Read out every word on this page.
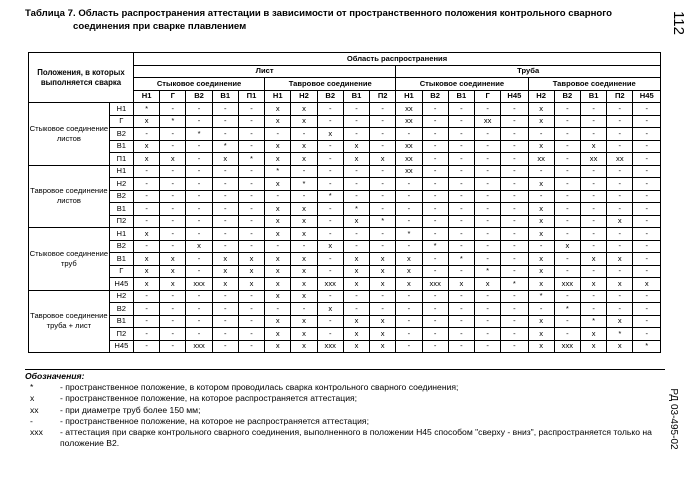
Таблица 7. Область распространения аттестации в зависимости от пространственного положения контрольного сварного
соединения при сварке плавлением	112
РД 03-495-02
Положения, в которых выполняется сварка		Область распространения																			
		Лист										Труба									
		Стыковое соединение					Тавровое соединение					Стыковое соединение					Тавровое соединение				
		Н1	Г	В2	В1	П1	Н1	Н2	В2	В1	П2	Н1	В2	В1	Г	Н45	Н2	В2	В1	П2	Н45
Стыковое соединение листов	Н1	*	-	-	-	-	x	x	-	-	-	xx	-	-	-	-	x	-	-	-	-
	Г	x	*	-	-	-	x	x	-	-	-	xx	-	-	xx	-	x	-	-	-	-
	В2	-	-	*	-	-	-	-	x	-	-	-	-	-	-	-	-	-	-	-	-
	В1	x	-	-	*	-	x	x	-	x	-	xx	-	-	-	-	x	-	x	-	-
	П1	x	x	-	x	*	x	x	-	x	x	xx	-	-	-	-	xx	-	xx	xx	-
Тавровое соединение листов	Н1	-	-	-	-	-	*	-	-	-	-	xx	-	-	-	-	-	-	-	-	-
	Н2	-	-	-	-	-	x	*	-	-	-	-	-	-	-	-	x	-	-	-	-
	В2	-	-	-	-	-	-	-	*	-	-	-	-	-	-	-	-	-	-	-	-
	В1	-	-	-	-	-	x	x	-	*	-	-	-	-	-	-	x	-	-	-	-
	П2	-	-	-	-	-	x	x	-	x	*	-	-	-	-	-	x	-	-	x	-
Стыковое соединение труб	Н1	x	-	-	-	-	x	x	-	-	-	*	-	-	-	-	x	-	-	-	-
	В2	-	-	x	-	-	-	-	x	-	-	-	*	-	-	-	-	x	-	-	-
	В1	x	x	-	x	x	x	x	-	x	x	x	-	*	-	-	x	-	x	x	-
	Г	x	x	-	x	x	x	x	-	x	x	x	-	-	*	-	x	-	-	-	-
	Н45	x	x	xxx	x	x	x	x	xxx	x	x	x	xxx	x	x	*	x	xxx	x	x	x
Тавровое соединение труба + лист	Н2	-	-	-	-	-	x	x	-	-	-	-	-	-	-	-	*	-	-	-	-
	В2	-	-	-	-	-	-	-	x	-	-	-	-	-	-	-	-	*	-	-	-
	В1	-	-	-	-	-	x	x	-	x	x	-	-	-	-	-	x	-	*	x	-
	П2	-	-	-	-	-	x	x	-	x	x	-	-	-	-	-	x	-	x	*	-
	Н45	-	-	xxx	-	-	x	x	xxx	x	x	-	-	-	-	-	x	xxx	x	x	*
Обозначения:
*	- пространственное положение, в котором проводилась сварка контрольного сварного соединения;
x	- пространственное положение, на которое распространяется аттестация;
xx	- при диаметре труб более 150 мм;
-	- пространственное положение, на которое не распространяется аттестация;
xxx	- аттестация при сварке контрольного сварного соединения, выполненного в положении Н45 способом "сверху - вниз", распространяется только на положение В2.
